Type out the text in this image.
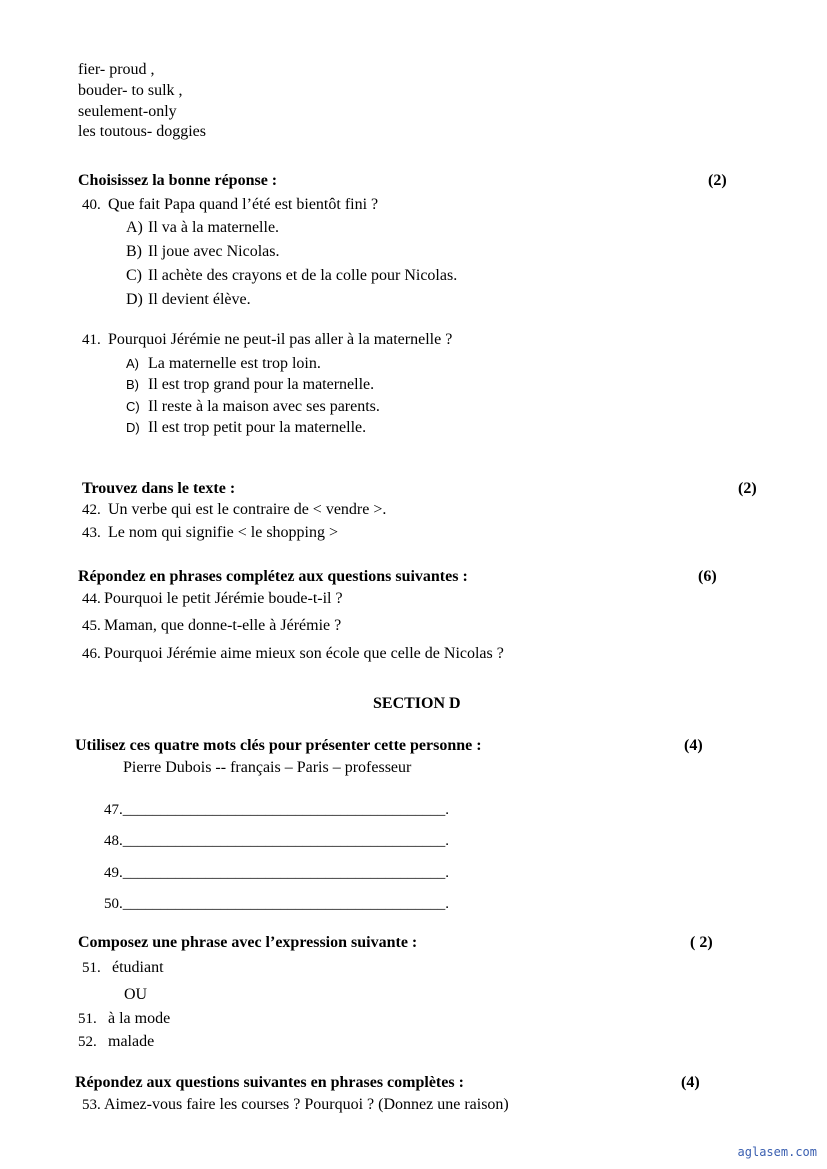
fier- proud ,
bouder- to sulk ,
seulement-only
les toutous- doggies
Choisissez la bonne réponse :	(2)
40. Que fait Papa quand l’été est bientôt fini ?
A) Il va à la maternelle.
B) Il joue avec Nicolas.
C) Il achète des crayons et de la colle pour Nicolas.
D) Il devient élève.
41. Pourquoi Jérémie ne peut-il pas aller à la maternelle ?
A) La maternelle est trop loin.
B) Il est trop grand pour la maternelle.
C) Il reste à la maison avec ses parents.
D) Il est trop petit pour la maternelle.
Trouvez dans le texte :	(2)
42. Un verbe qui est le contraire de < vendre >.
43. Le nom qui signifie < le shopping >
Répondez en phrases complétez aux questions suivantes :	(6)
44. Pourquoi le petit Jérémie boude-t-il ?
45. Maman, que donne-t-elle à Jérémie ?
46. Pourquoi Jérémie aime mieux son école que celle de Nicolas ?
SECTION D
Utilisez ces quatre mots clés pour présenter cette personne :	(4)
Pierre Dubois -- français – Paris – professeur
47.___________________________________________.
48.___________________________________________.
49.___________________________________________.
50.___________________________________________.
Composez une phrase avec l’expression suivante :	( 2)
51. étudiant
OU
51. à la mode
52. malade
Répondez aux questions suivantes en phrases complètes :	(4)
53. Aimez-vous faire les courses ? Pourquoi ? (Donnez une raison)
aglasem.com
